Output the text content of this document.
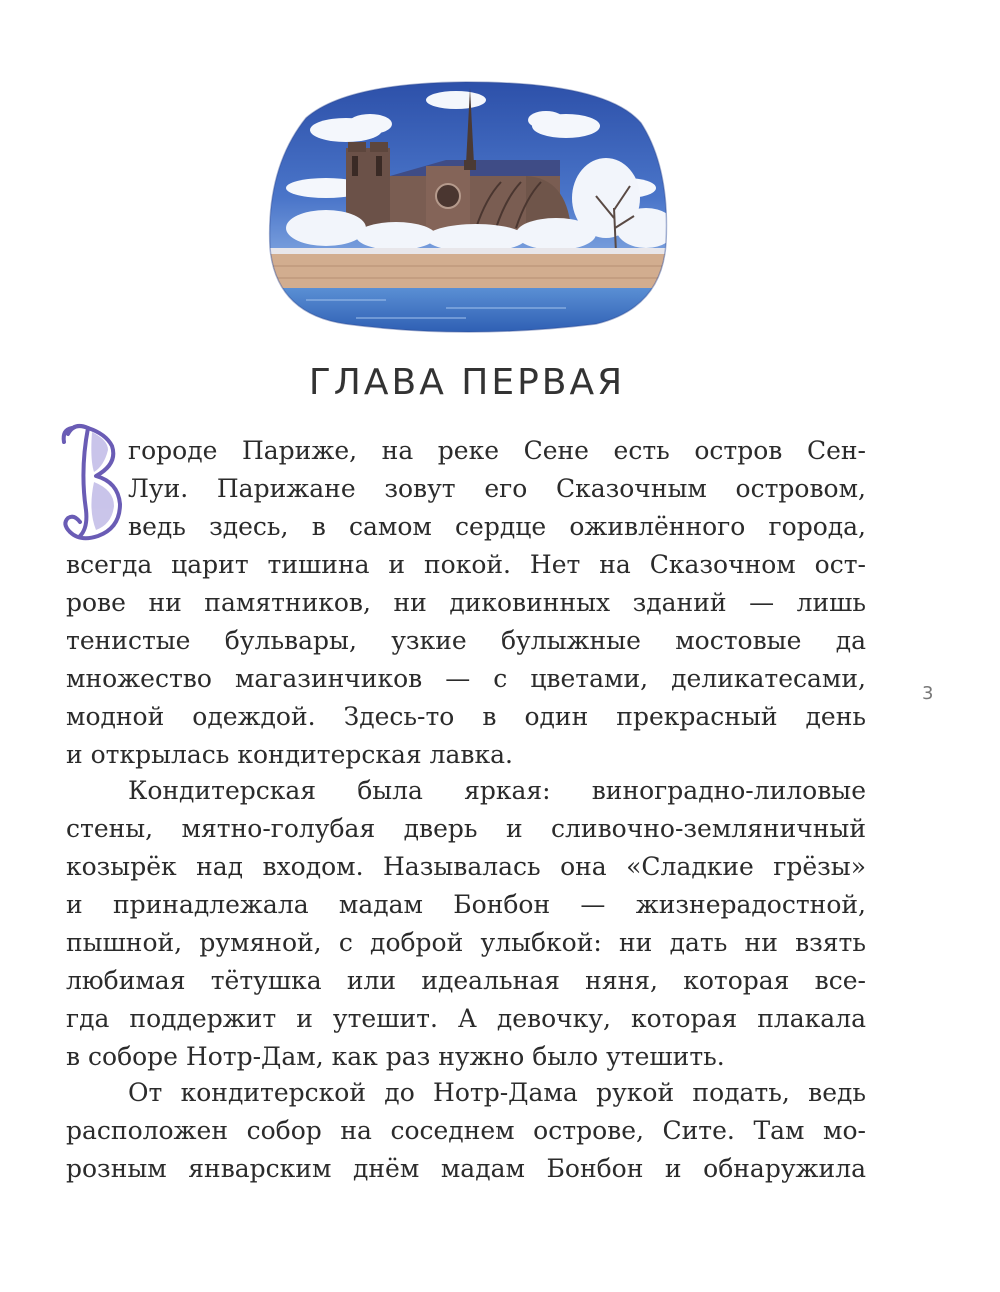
ГЛАВА ПЕРВАЯ
В
городе Париже, на реке Сене есть остров Сен-
Луи. Парижане зовут его Сказочным островом,
ведь здесь, в самом сердце оживлённого города,
всегда царит тишина и покой. Нет на Сказочном ост-
рове ни памятников, ни диковинных зданий — лишь
тенистые бульвары, узкие булыжные мостовые да
множество магазинчиков — с цветами, деликатесами,
модной одеждой. Здесь-то в один прекрасный день
и открылась кондитерская лавка.
Кондитерская была яркая: виноградно-лиловые
стены, мятно-голубая дверь и сливочно-земляничный
козырёк над входом. Называлась она «Сладкие грёзы»
и принадлежала мадам Бонбон — жизнерадостной,
пышной, румяной, с доброй улыбкой: ни дать ни взять
любимая тётушка или идеальная няня, которая все-
гда поддержит и утешит. А девочку, которая плакала
в соборе Нотр-Дам, как раз нужно было утешить.
От кондитерской до Нотр-Дама рукой подать, ведь
расположен собор на соседнем острове, Сите. Там мо-
розным январским днём мадам Бонбон и обнаружила
3
